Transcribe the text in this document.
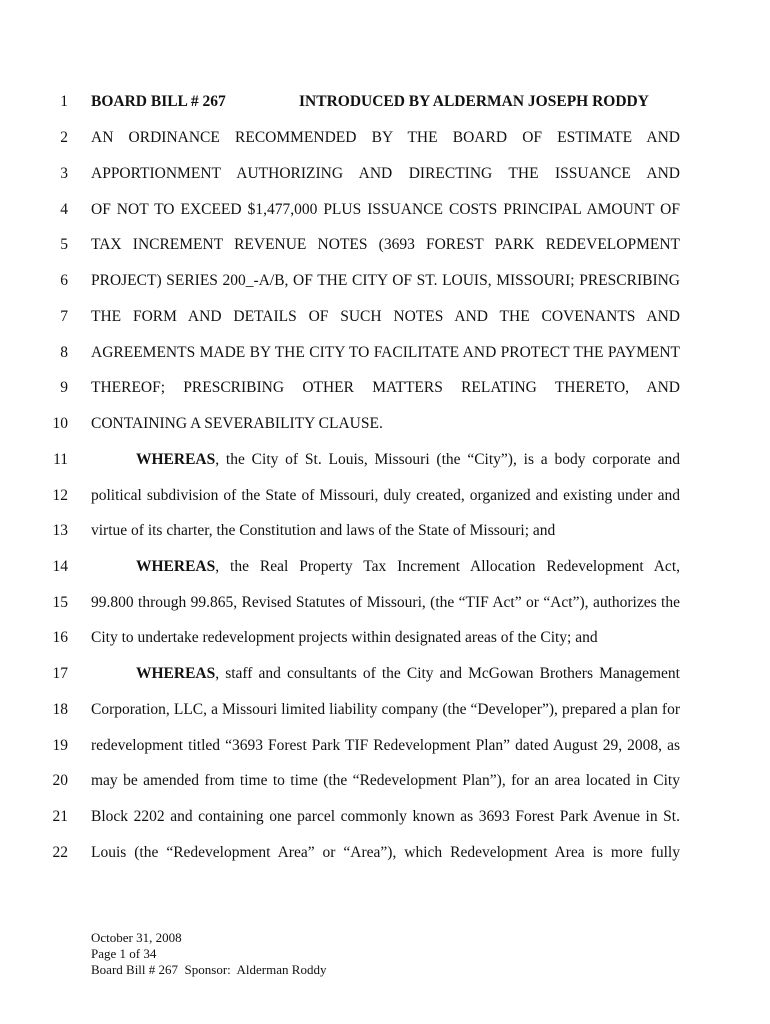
1 BOARD BILL # 267	INTRODUCED BY ALDERMAN JOSEPH RODDY
2 AN ORDINANCE RECOMMENDED BY THE BOARD OF ESTIMATE AND
3 APPORTIONMENT AUTHORIZING AND DIRECTING THE ISSUANCE AND
4 OF NOT TO EXCEED $1,477,000 PLUS ISSUANCE COSTS PRINCIPAL AMOUNT OF
5 TAX INCREMENT REVENUE NOTES (3693 FOREST PARK REDEVELOPMENT
6 PROJECT) SERIES 200_-A/B, OF THE CITY OF ST. LOUIS, MISSOURI; PRESCRIBING
7 THE FORM AND DETAILS OF SUCH NOTES AND THE COVENANTS AND
8 AGREEMENTS MADE BY THE CITY TO FACILITATE AND PROTECT THE PAYMENT
9 THEREOF; PRESCRIBING OTHER MATTERS RELATING THERETO, AND
10 CONTAINING A SEVERABILITY CLAUSE.
11	WHEREAS, the City of St. Louis, Missouri (the “City”), is a body corporate and
12 political subdivision of the State of Missouri, duly created, organized and existing under and
13 virtue of its charter, the Constitution and laws of the State of Missouri; and
14	WHEREAS, the Real Property Tax Increment Allocation Redevelopment Act,
15 99.800 through 99.865, Revised Statutes of Missouri, (the “TIF Act” or “Act”), authorizes the
16 City to undertake redevelopment projects within designated areas of the City; and
17	WHEREAS, staff and consultants of the City and McGowan Brothers Management
18 Corporation, LLC, a Missouri limited liability company (the “Developer”), prepared a plan for
19 redevelopment titled “3693 Forest Park TIF Redevelopment Plan” dated August 29, 2008, as
20 may be amended from time to time (the “Redevelopment Plan”), for an area located in City
21 Block 2202 and containing one parcel commonly known as 3693 Forest Park Avenue in St.
22 Louis (the “Redevelopment Area” or “Area”), which Redevelopment Area is more fully
October 31, 2008
Page 1 of 34
Board Bill # 267  Sponsor:  Alderman Roddy
